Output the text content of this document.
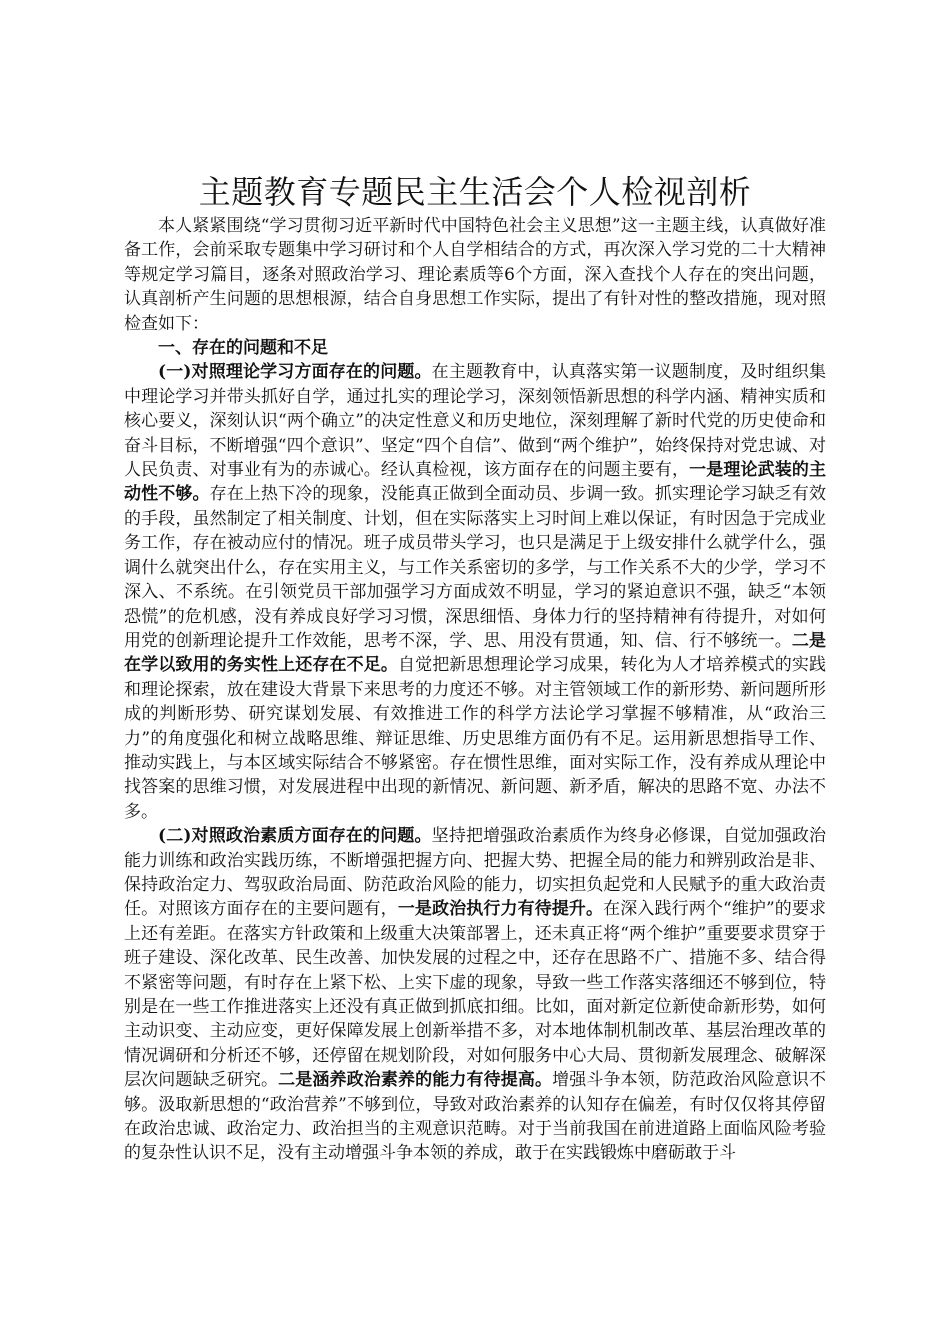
主题教育专题民主生活会个人检视剖析

本人紧紧围绕“学习贯彻习近平新时代中国特色社会主义思想”这一主题主线，认真做好准备工作，会前采取专题集中学习研讨和个人自学相结合的方式，再次深入学习党的二十大精神等规定学习篇目，逐条对照政治学习、理论素质等6个方面，深入查找个人存在的突出问题，认真剖析产生问题的思想根源，结合自身思想工作实际，提出了有针对性的整改措施，现对照检查如下：

一、存在的问题和不足

(一)对照理论学习方面存在的问题。在主题教育中，认真落实第一议题制度，及时组织集中理论学习并带头抓好自学，通过扎实的理论学习，深刻领悟新思想的科学内涵、精神实质和核心要义，深刻认识“两个确立”的决定性意义和历史地位，深刻理解了新时代党的历史使命和奋斗目标，不断增强“四个意识”、坚定“四个自信”、做到“两个维护”，始终保持对党忠诚、对人民负责、对事业有为的赤诚心。经认真检视，该方面存在的问题主要有，一是理论武装的主动性不够。存在上热下冷的现象，没能真正做到全面动员、步调一致。抓实理论学习缺乏有效的手段，虽然制定了相关制度、计划，但在实际落实上习时间上难以保证，有时因急于完成业务工作，存在被动应付的情况。班子成员带头学习，也只是满足于上级安排什么就学什么，强调什么就突出什么，存在实用主义，与工作关系密切的多学，与工作关系不大的少学，学习不深入、不系统。在引领党员干部加强学习方面成效不明显，学习的紧迫意识不强，缺乏“本领恐慌”的危机感，没有养成良好学习习惯，深思细悟、身体力行的坚持精神有待提升，对如何用党的创新理论提升工作效能，思考不深，学、思、用没有贯通，知、信、行不够统一。二是在学以致用的务实性上还存在不足。自觉把新思想理论学习成果，转化为人才培养模式的实践和理论探索，放在建设大背景下来思考的力度还不够。对主管领域工作的新形势、新问题所形成的判断形势、研究谋划发展、有效推进工作的科学方法论学习掌握不够精准，从“政治三力”的角度强化和树立战略思维、辩证思维、历史思维方面仍有不足。运用新思想指导工作、推动实践上，与本区域实际结合不够紧密。存在惯性思维，面对实际工作，没有养成从理论中找答案的思维习惯，对发展进程中出现的新情况、新问题、新矛盾，解决的思路不宽、办法不多。

(二)对照政治素质方面存在的问题。坚持把增强政治素质作为终身必修课，自觉加强政治能力训练和政治实践历练，不断增强把握方向、把握大势、把握全局的能力和辨别政治是非、保持政治定力、驾驭政治局面、防范政治风险的能力，切实担负起党和人民赋予的重大政治责任。对照该方面存在的主要问题有，一是政治执行力有待提升。在深入践行两个“维护”的要求上还有差距。在落实方针政策和上级重大决策部署上，还未真正将“两个维护”重要要求贯穿于班子建设、深化改革、民生改善、加快发展的过程之中，还存在思路不广、措施不多、结合得不紧密等问题，有时存在上紧下松、上实下虚的现象，导致一些工作落实落细还不够到位，特别是在一些工作推进落实上还没有真正做到抓底扣细。比如，面对新定位新使命新形势，如何主动识变、主动应变，更好保障发展上创新举措不多，对本地体制机制改革、基层治理改革的情况调研和分析还不够，还停留在规划阶段，对如何服务中心大局、贯彻新发展理念、破解深层次问题缺乏研究。二是涵养政治素养的能力有待提高。增强斗争本领，防范政治风险意识不够。汲取新思想的“政治营养”不够到位，导致对政治素养的认知存在偏差，有时仅仅将其停留在政治忠诚、政治定力、政治担当的主观意识范畴。对于当前我国在前进道路上面临风险考验的复杂性认识不足，没有主动增强斗争本领的养成，敢于在实践锻炼中磨砺敢于斗
